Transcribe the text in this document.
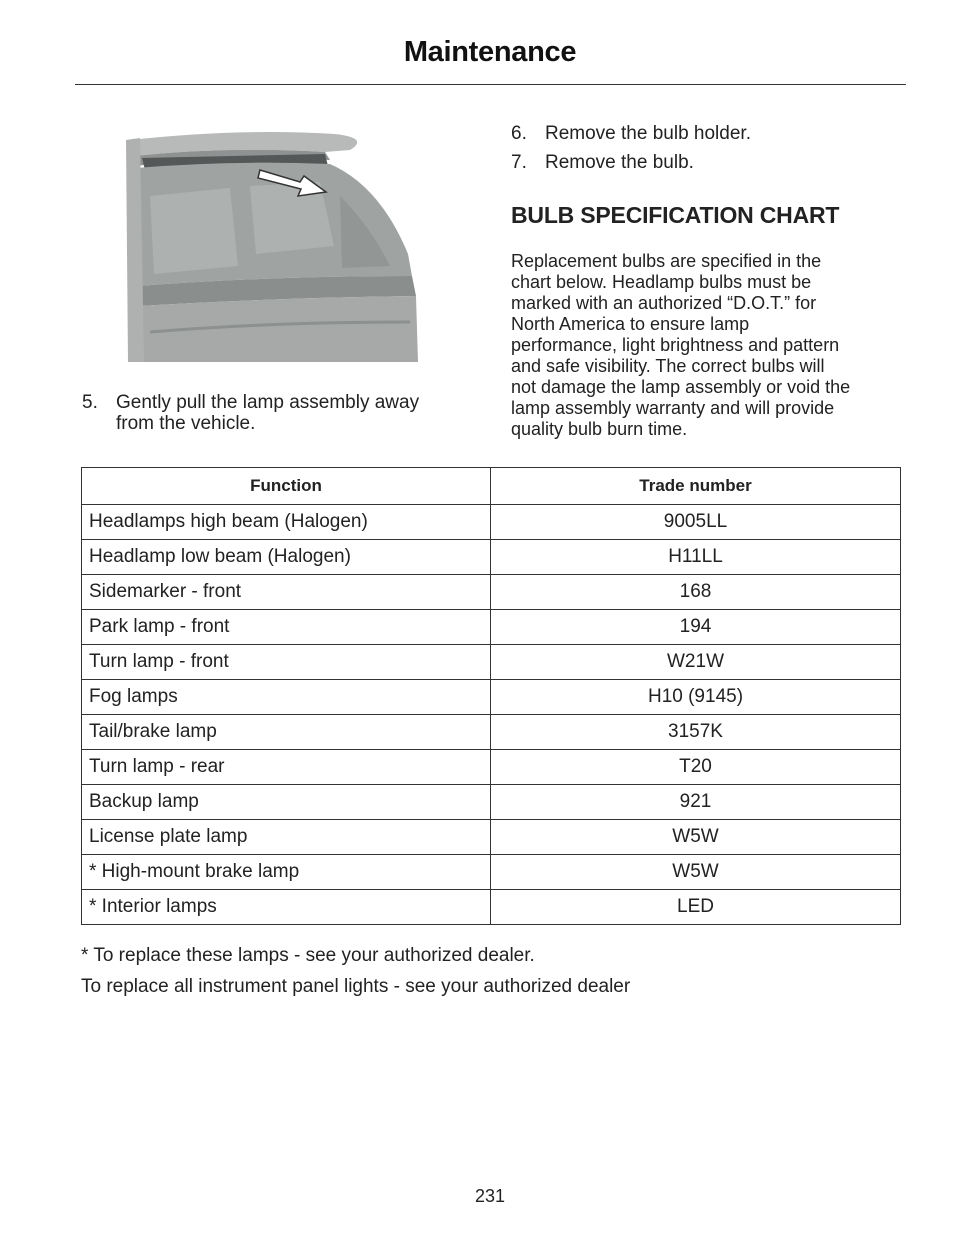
Maintenance
5. Gently pull the lamp assembly away
from the vehicle.
6. Remove the bulb holder.
7. Remove the bulb.
BULB SPECIFICATION CHART
Replacement bulbs are specified in the
chart below. Headlamp bulbs must be
marked with an authorized “D.O.T.” for
North America to ensure lamp
performance, light brightness and pattern
and safe visibility. The correct bulbs will
not damage the lamp assembly or void the
lamp assembly warranty and will provide
quality bulb burn time.
Function	Trade number
Headlamps high beam (Halogen)	9005LL
Headlamp low beam (Halogen)	H11LL
Sidemarker - front	168
Park lamp - front	194
Turn lamp - front	W21W
Fog lamps	H10 (9145)
Tail/brake lamp	3157K
Turn lamp - rear	T20
Backup lamp	921
License plate lamp	W5W
* High-mount brake lamp	W5W
* Interior lamps	LED
* To replace these lamps - see your authorized dealer.
To replace all instrument panel lights - see your authorized dealer
231
